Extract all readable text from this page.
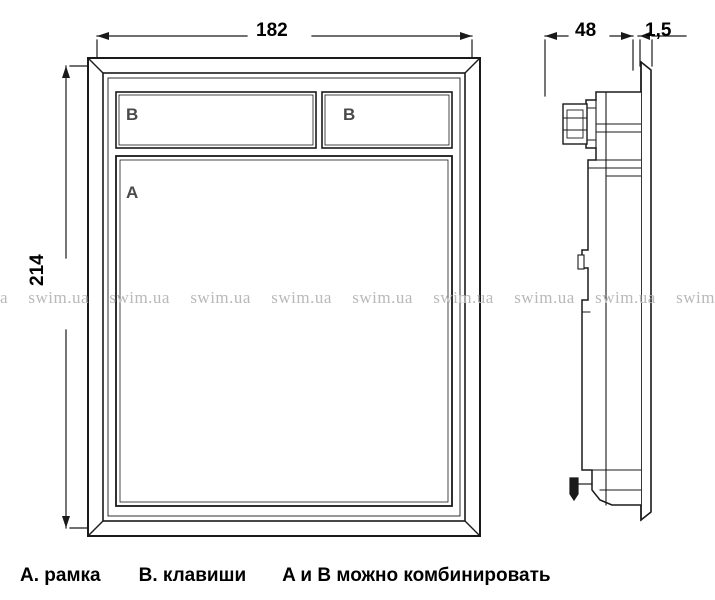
182	48	1,5
214
B	B
A
a swim.ua swim.ua swim.ua swim.ua swim.ua swim.ua swim.ua swim.ua swim
A. рамка B. клавиши A и B можно комбинировать
